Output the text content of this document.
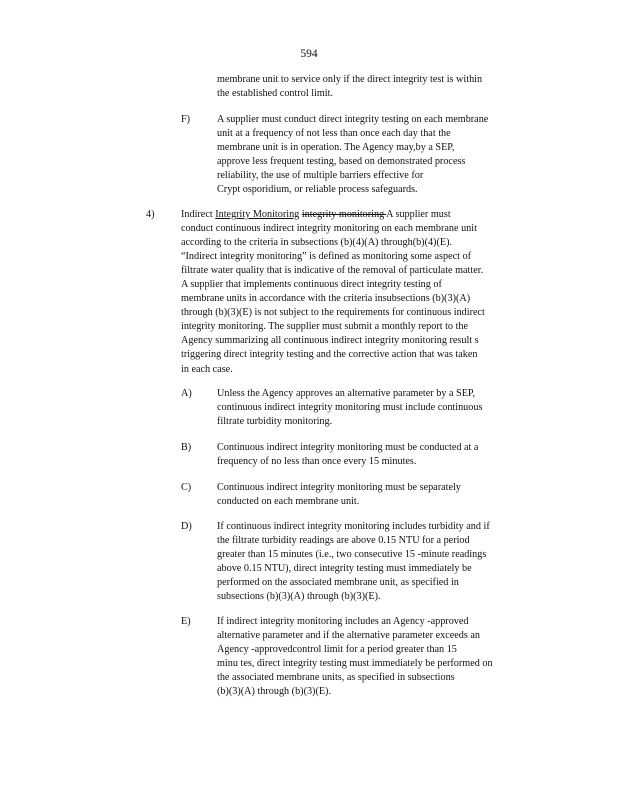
594
membrane unit to service only if the direct integrity test is within
the established control limit.
F)	A supplier must conduct direct integrity testing on each membrane
unit at a frequency of not less than once each day that the
membrane unit is in operation. The Agency may,by a SEP,
approve less frequent testing, based on demonstrated process
reliability, the use of multiple barriers effective for
Crypt osporidium, or reliable process safeguards.
4)	Indirect Integrity Monitoring integrity monitoring A supplier must
conduct continuous indirect integrity monitoring on each membrane unit
according to the criteria in subsections (b)(4)(A) through(b)(4)(E).
“Indirect integrity monitoring” is defined as monitoring some aspect of
filtrate water quality that is indicative of the removal of particulate matter.
A supplier that implements continuous direct integrity testing of
membrane units in accordance with the criteria insubsections (b)(3)(A)
through (b)(3)(E) is not subject to the requirements for continuous indirect
integrity monitoring. The supplier must submit a monthly report to the
Agency summarizing all continuous indirect integrity monitoring result s
triggering direct integrity testing and the corrective action that was taken
in each case.
A) Unless the Agency approves an alternative parameter by a SEP,
continuous indirect integrity monitoring must include continuous
filtrate turbidity monitoring.
B)	Continuous indirect integrity monitoring must be conducted at a
frequency of no less than once every 15 minutes.
C)	Continuous indirect integrity monitoring must be separately
conducted on each membrane unit.
D) If continuous indirect integrity monitoring includes turbidity and if
the filtrate turbidity readings are above 0.15 NTU for a period
greater than 15 minutes (i.e., two consecutive 15 -minute readings
above 0.15 NTU), direct integrity testing must immediately be
performed on the associated membrane unit, as specified in
subsections (b)(3)(A) through (b)(3)(E).
E)	If indirect integrity monitoring includes an Agency -approved
alternative parameter and if the alternative parameter exceeds an
Agency -approvedcontrol limit for a period greater than 15
minu tes, direct integrity testing must immediately be performed on
the associated membrane units, as specified in subsections
(b)(3)(A) through (b)(3)(E).
